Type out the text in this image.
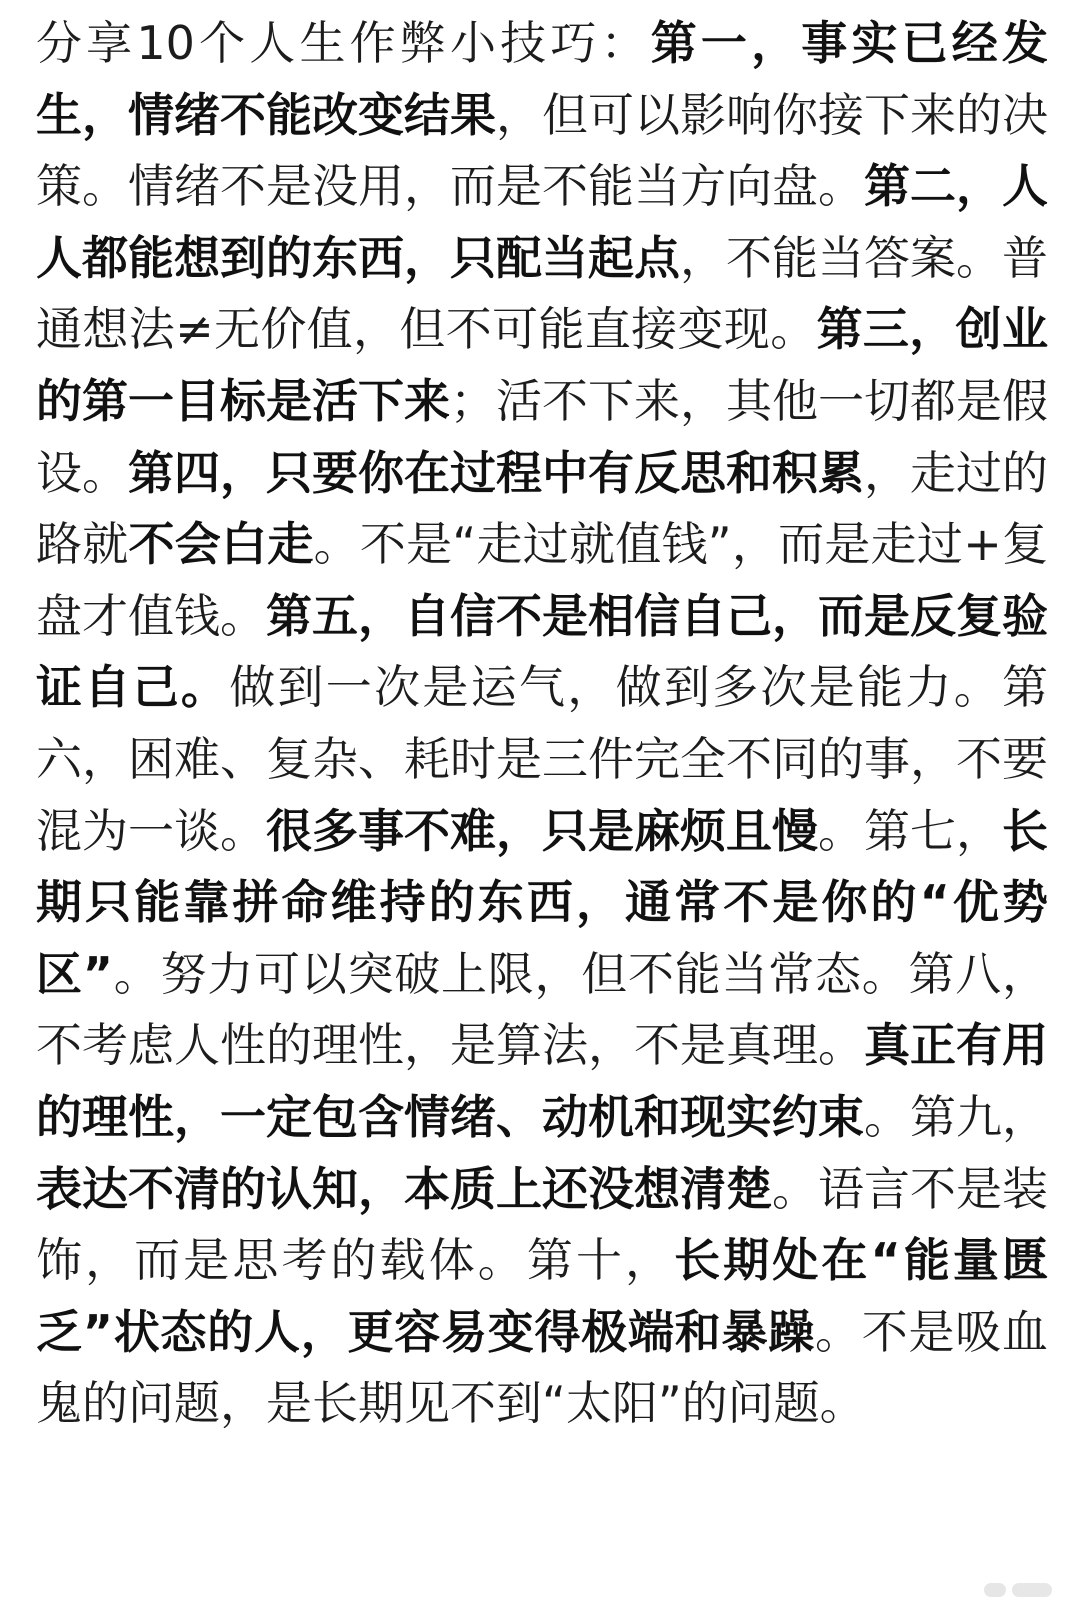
分享10个人生作弊小技巧：第一，事实已经发生，情绪不能改变结果，但可以影响你接下来的决策。情绪不是没用，而是不能当方向盘。第二，人人都能想到的东西，只配当起点，不能当答案。普通想法≠无价值，但不可能直接变现。第三，创业的第一目标是活下来；活不下来，其他一切都是假设。第四，只要你在过程中有反思和积累，走过的路就不会白走。不是“走过就值钱”，而是走过+复盘才值钱。第五，自信不是相信自己，而是反复验证自己。做到一次是运气，做到多次是能力。第六，困难、复杂、耗时是三件完全不同的事，不要混为一谈。很多事不难，只是麻烦且慢。第七，长期只能靠拼命维持的东西，通常不是你的“优势区”。努力可以突破上限，但不能当常态。第八，不考虑人性的理性，是算法，不是真理。真正有用的理性，一定包含情绪、动机和现实约束。第九，表达不清的认知，本质上还没想清楚。语言不是装饰，而是思考的载体。第十，长期处在“能量匮乏”状态的人，更容易变得极端和暴躁。不是吸血鬼的问题，是长期见不到“太阳”的问题。
